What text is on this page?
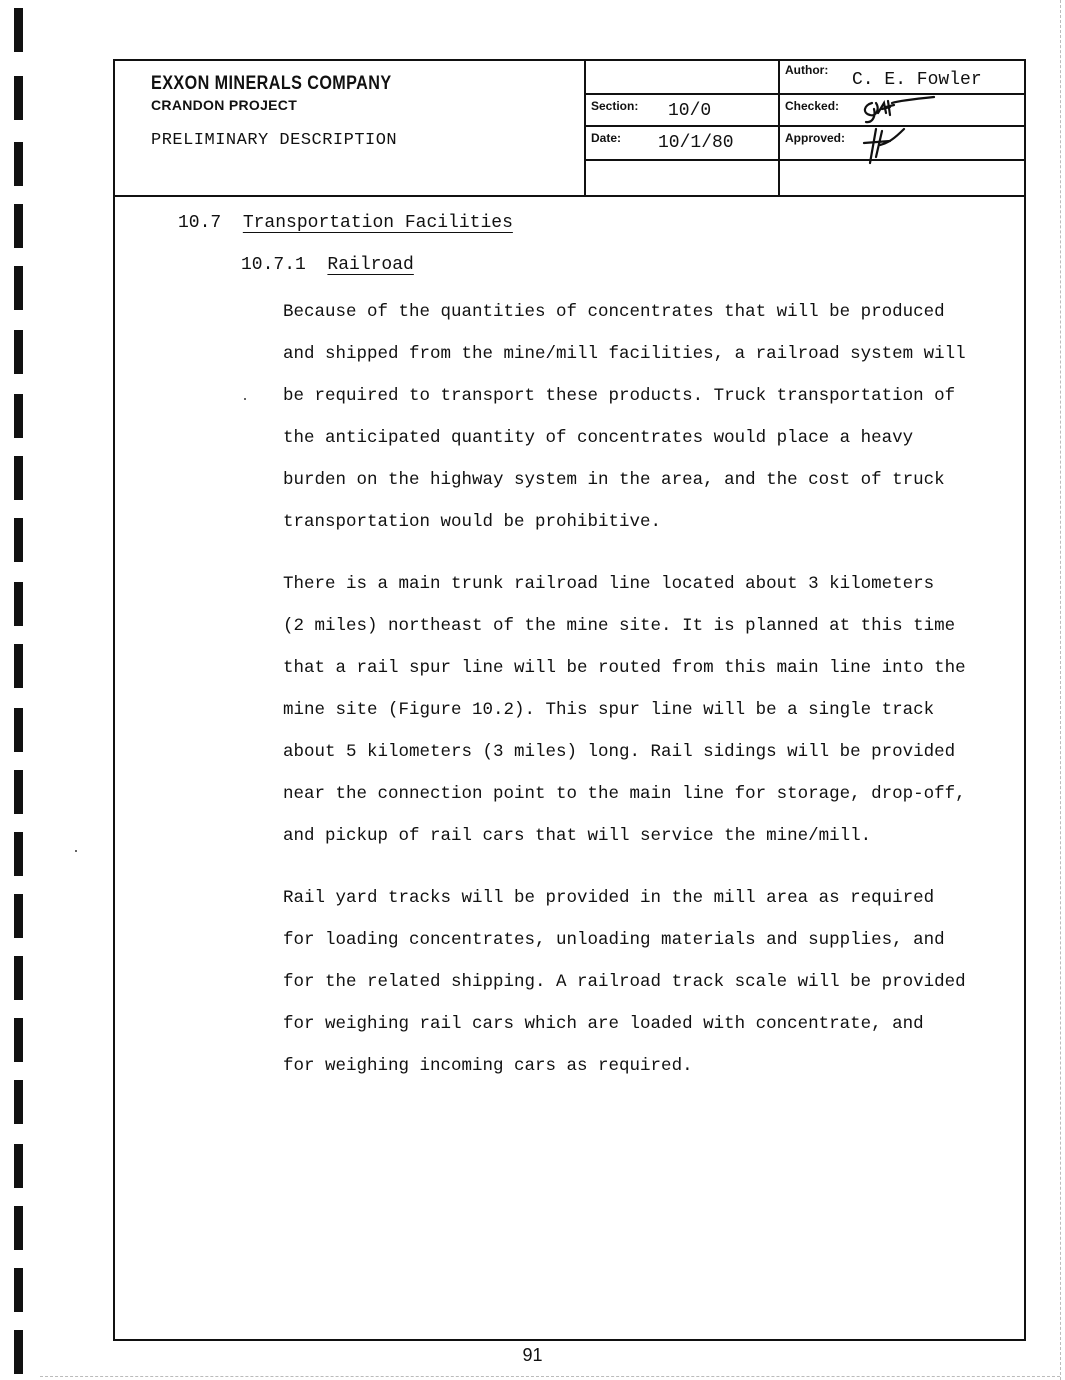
EXXON MINERALS COMPANY
CRANDON PROJECT
PRELIMINARY DESCRIPTION
Section: 10/0
Date: 10/1/80
Author: C. E. Fowler
Checked:
Approved:
10.7 Transportation Facilities
10.7.1 Railroad
Because of the quantities of concentrates that will be produced
and shipped from the mine/mill facilities, a railroad system will
be required to transport these products. Truck transportation of
the anticipated quantity of concentrates would place a heavy
burden on the highway system in the area, and the cost of truck
transportation would be prohibitive.
There is a main trunk railroad line located about 3 kilometers
(2 miles) northeast of the mine site. It is planned at this time
that a rail spur line will be routed from this main line into the
mine site (Figure 10.2). This spur line will be a single track
about 5 kilometers (3 miles) long. Rail sidings will be provided
near the connection point to the main line for storage, drop-off,
and pickup of rail cars that will service the mine/mill.
Rail yard tracks will be provided in the mill area as required
for loading concentrates, unloading materials and supplies, and
for the related shipping. A railroad track scale will be provided
for weighing rail cars which are loaded with concentrate, and
for weighing incoming cars as required.
91
